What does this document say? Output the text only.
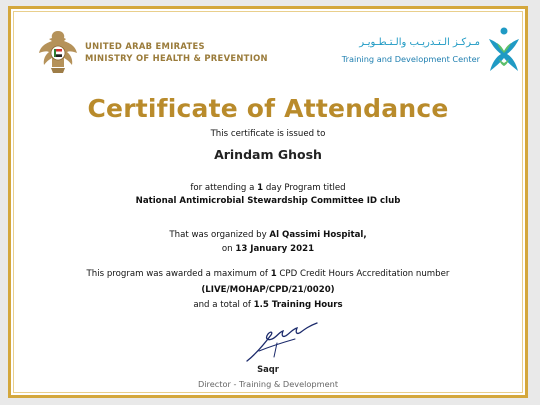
UNITED ARAB EMIRATES
MINISTRY OF HEALTH & PREVENTION
مـركـز الـتـدريـب والـتـطـويـر
Training and Development Center
Certificate of Attendance
This certificate is issued to
Arindam Ghosh
for attending a 1 day Program titled
National Antimicrobial Stewardship Committee ID club
That was organized by Al Qassimi Hospital,
on 13 January 2021
This program was awarded a maximum of 1 CPD Credit Hours Accreditation number
(LIVE/MOHAP/CPD/21/0020)
and a total of 1.5 Training Hours
Saqr
Director - Training & Development
